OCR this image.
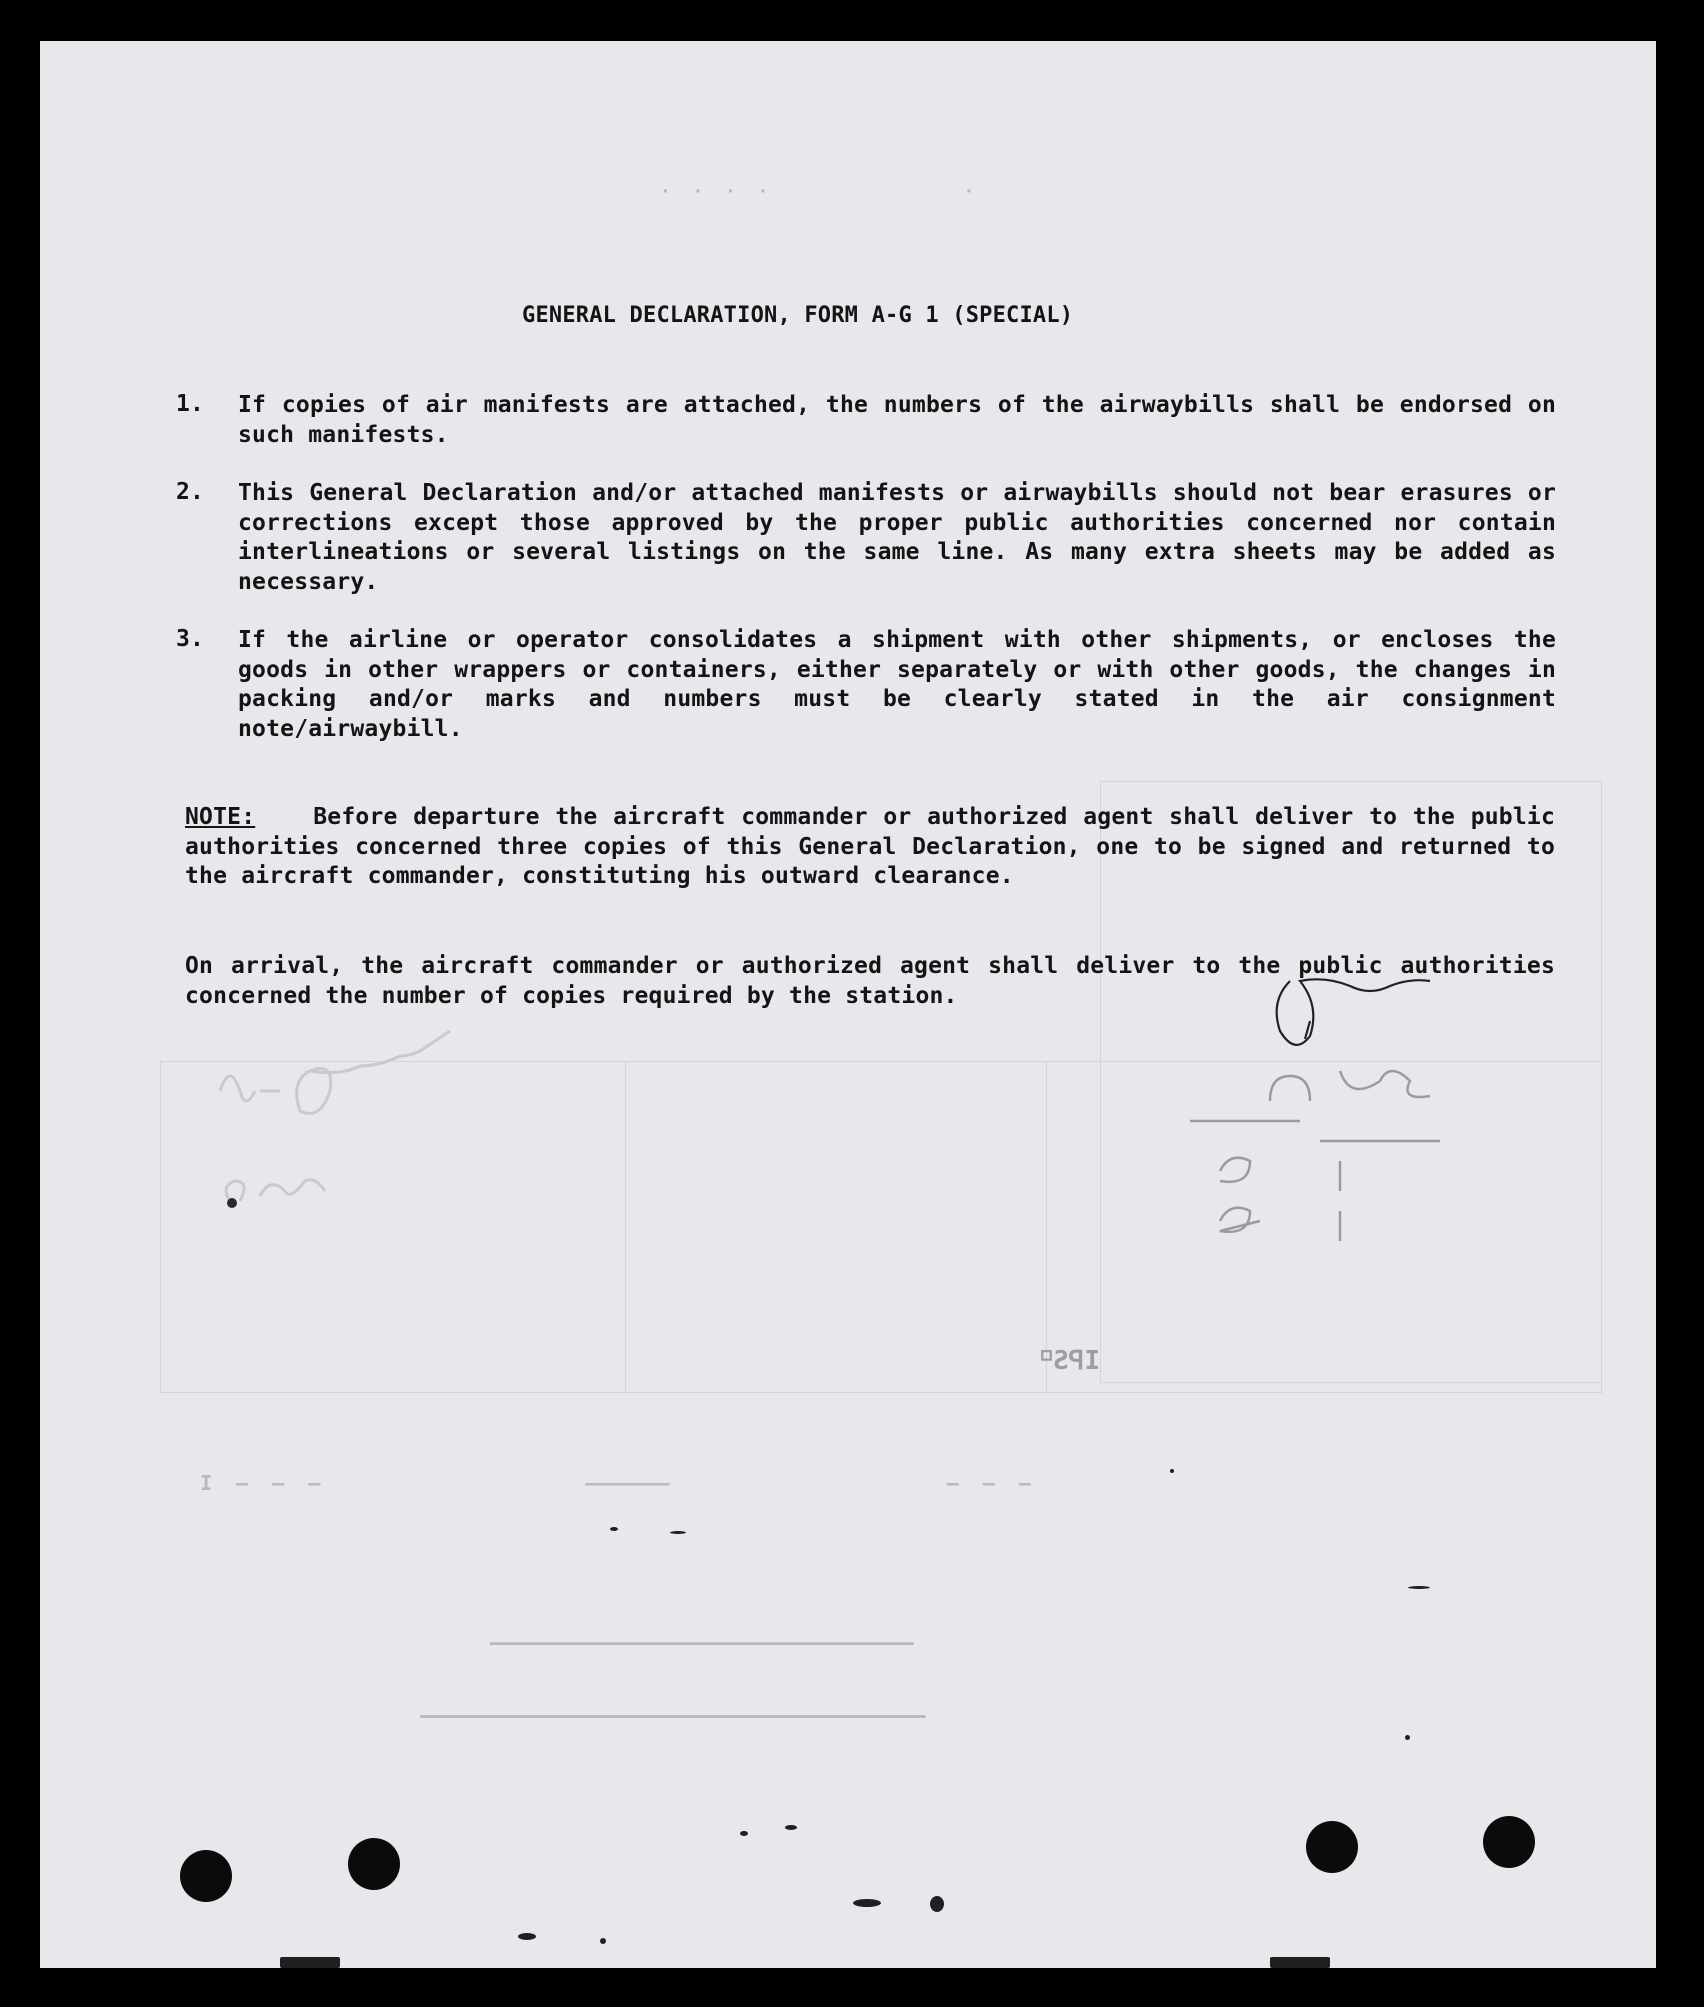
⸋ƧꟼI
I  –  –  –                      –––––––                       –  –  –
––––––––––––––––––––––––––––––––
–––––––––––––––––––––––––––––––––––
·  ·  ·  ·                  ·
GENERAL DECLARATION, FORM A-G 1 (SPECIAL)
1.	If copies of air manifests are attached, the numbers of the airwaybills shall be endorsed on such manifests.
2.	This General Declaration and/or attached manifests or airwaybills should not bear erasures or corrections except those approved by the proper public authorities concerned nor contain interlineations or several listings on the same line. As many extra sheets may be added as necessary.
3.	If the airline or operator consolidates a shipment with other shipments, or encloses the goods in other wrappers or containers, either separately or with other goods, the changes in packing and/or marks and numbers must be clearly stated in the air consignment note/airwaybill.
NOTE:	Before departure the aircraft commander or authorized agent shall deliver to the public authorities concerned three copies of this General Declaration, one to be signed and returned to the aircraft commander, constituting his outward clearance.
On arrival, the aircraft commander or authorized agent shall deliver to the public authorities concerned the number of copies required by the station.
